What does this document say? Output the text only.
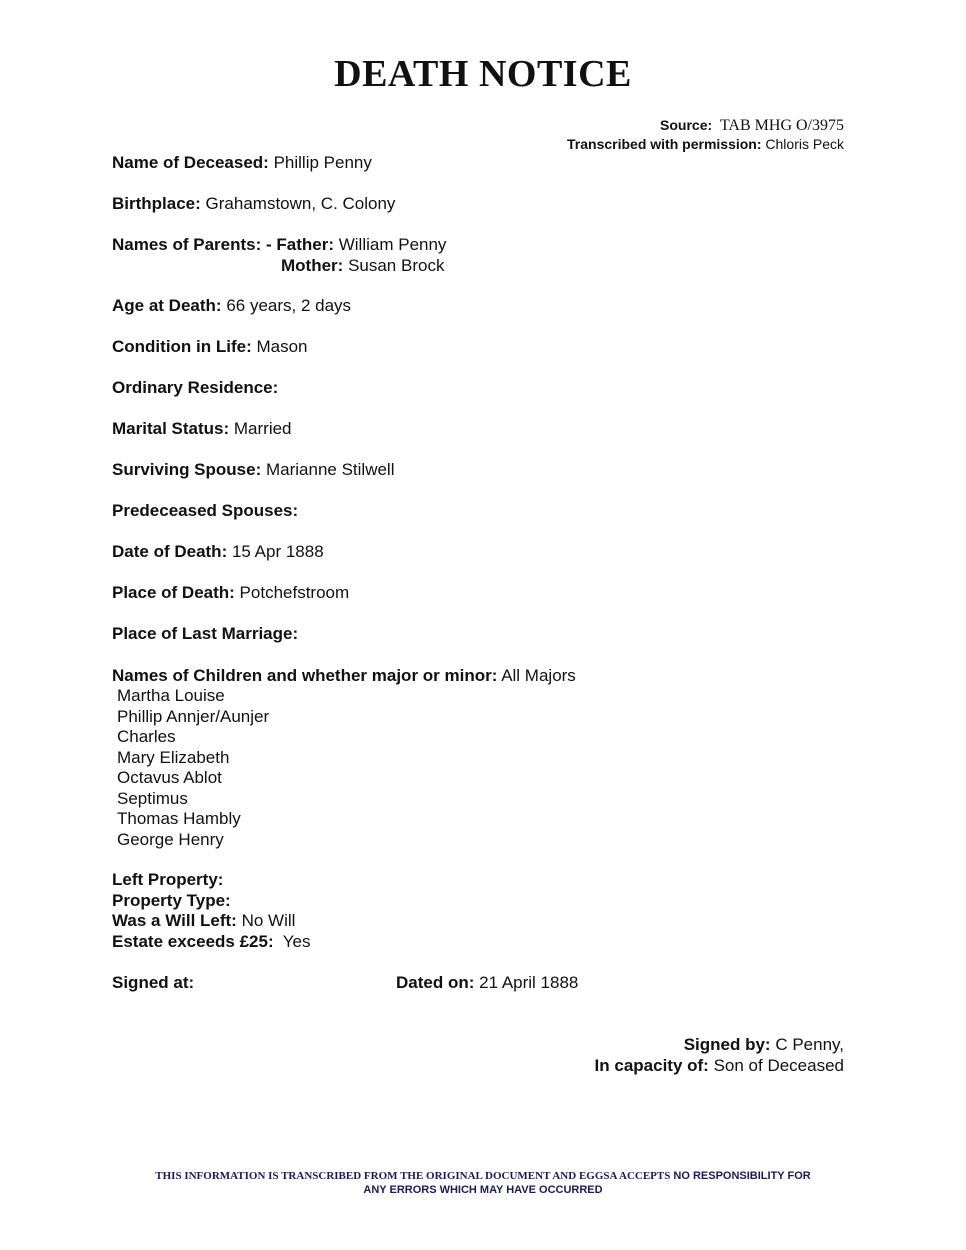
DEATH NOTICE
Source: TAB MHG O/3975
Transcribed with permission: Chloris Peck
Name of Deceased: Phillip Penny
Birthplace: Grahamstown, C. Colony
Names of Parents: - Father: William Penny
Mother: Susan Brock
Age at Death: 66 years, 2 days
Condition in Life: Mason
Ordinary Residence:
Marital Status: Married
Surviving Spouse: Marianne Stilwell
Predeceased Spouses:
Date of Death: 15 Apr 1888
Place of Death: Potchefstroom
Place of Last Marriage:
Names of Children and whether major or minor: All Majors
Martha Louise
Phillip Annjer/Aunjer
Charles
Mary Elizabeth
Octavus Ablot
Septimus
Thomas Hambly
George Henry
Left Property:
Property Type:
Was a Will Left: No Will
Estate exceeds £25: Yes
Signed at:	Dated on: 21 April 1888
Signed by: C Penny,
In capacity of: Son of Deceased
THIS INFORMATION IS TRANSCRIBED FROM THE ORIGINAL DOCUMENT AND EGGSA ACCEPTS NO RESPONSIBILITY FOR
ANY ERRORS WHICH MAY HAVE OCCURRED
